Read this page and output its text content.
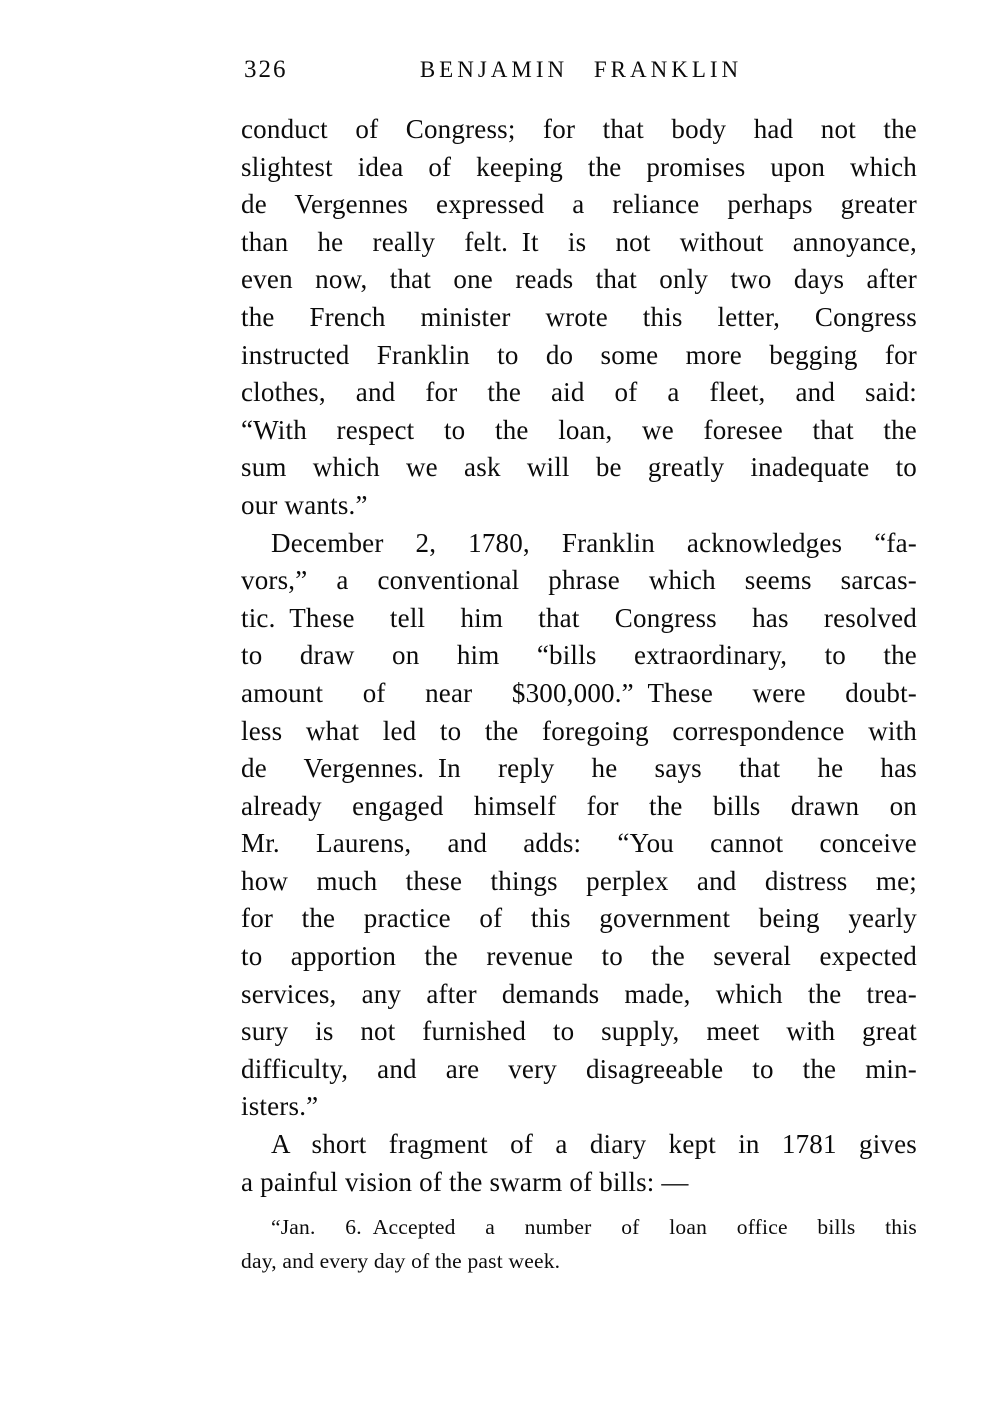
326	BENJAMIN FRANKLIN
conduct of Congress; for that body had not the
slightest idea of keeping the promises upon which
de Vergennes expressed a reliance perhaps greater
than he really felt. It is not without annoyance,
even now, that one reads that only two days after
the French minister wrote this letter, Congress
instructed Franklin to do some more begging for
clothes, and for the aid of a fleet, and said:
“With respect to the loan, we foresee that the
sum which we ask will be greatly inadequate to
our wants.”
December 2, 1780, Franklin acknowledges “fa-
vors,” a conventional phrase which seems sarcas-
tic. These tell him that Congress has resolved
to draw on him “bills extraordinary, to the
amount of near $300,000.” These were doubt-
less what led to the foregoing correspondence with
de Vergennes. In reply he says that he has
already engaged himself for the bills drawn on
Mr. Laurens, and adds: “You cannot conceive
how much these things perplex and distress me;
for the practice of this government being yearly
to apportion the revenue to the several expected
services, any after demands made, which the trea-
sury is not furnished to supply, meet with great
difficulty, and are very disagreeable to the min-
isters.”
A short fragment of a diary kept in 1781 gives
a painful vision of the swarm of bills: —
“Jan. 6. Accepted a number of loan office bills this
day, and every day of the past week.
